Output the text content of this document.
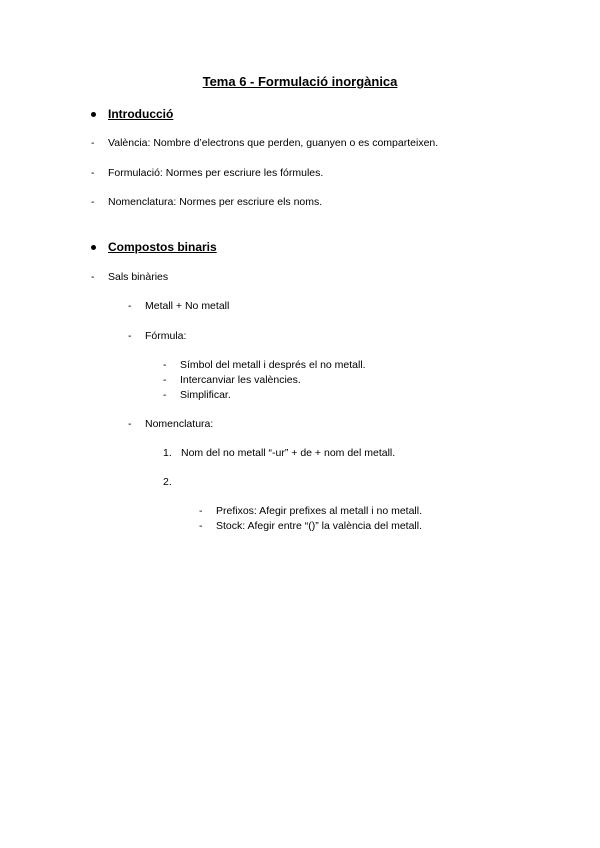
Tema 6 - Formulació inorgànica
Introducció
- València: Nombre d’electrons que perden, guanyen o es comparteixen.
- Formulació: Normes per escriure les fórmules.
- Nomenclatura: Normes per escriure els noms.
Compostos binaris
- Sals binàries
- Metall + No metall
- Fórmula:
- Símbol del metall i després el no metall.
- Intercanviar les valències.
- Simplificar.
- Nomenclatura:
1. Nom del no metall “-ur” + de + nom del metall.
2.
- Prefixos: Afegir prefixes al metall i no metall.
- Stock: Afegir entre “()” la valència del metall.
